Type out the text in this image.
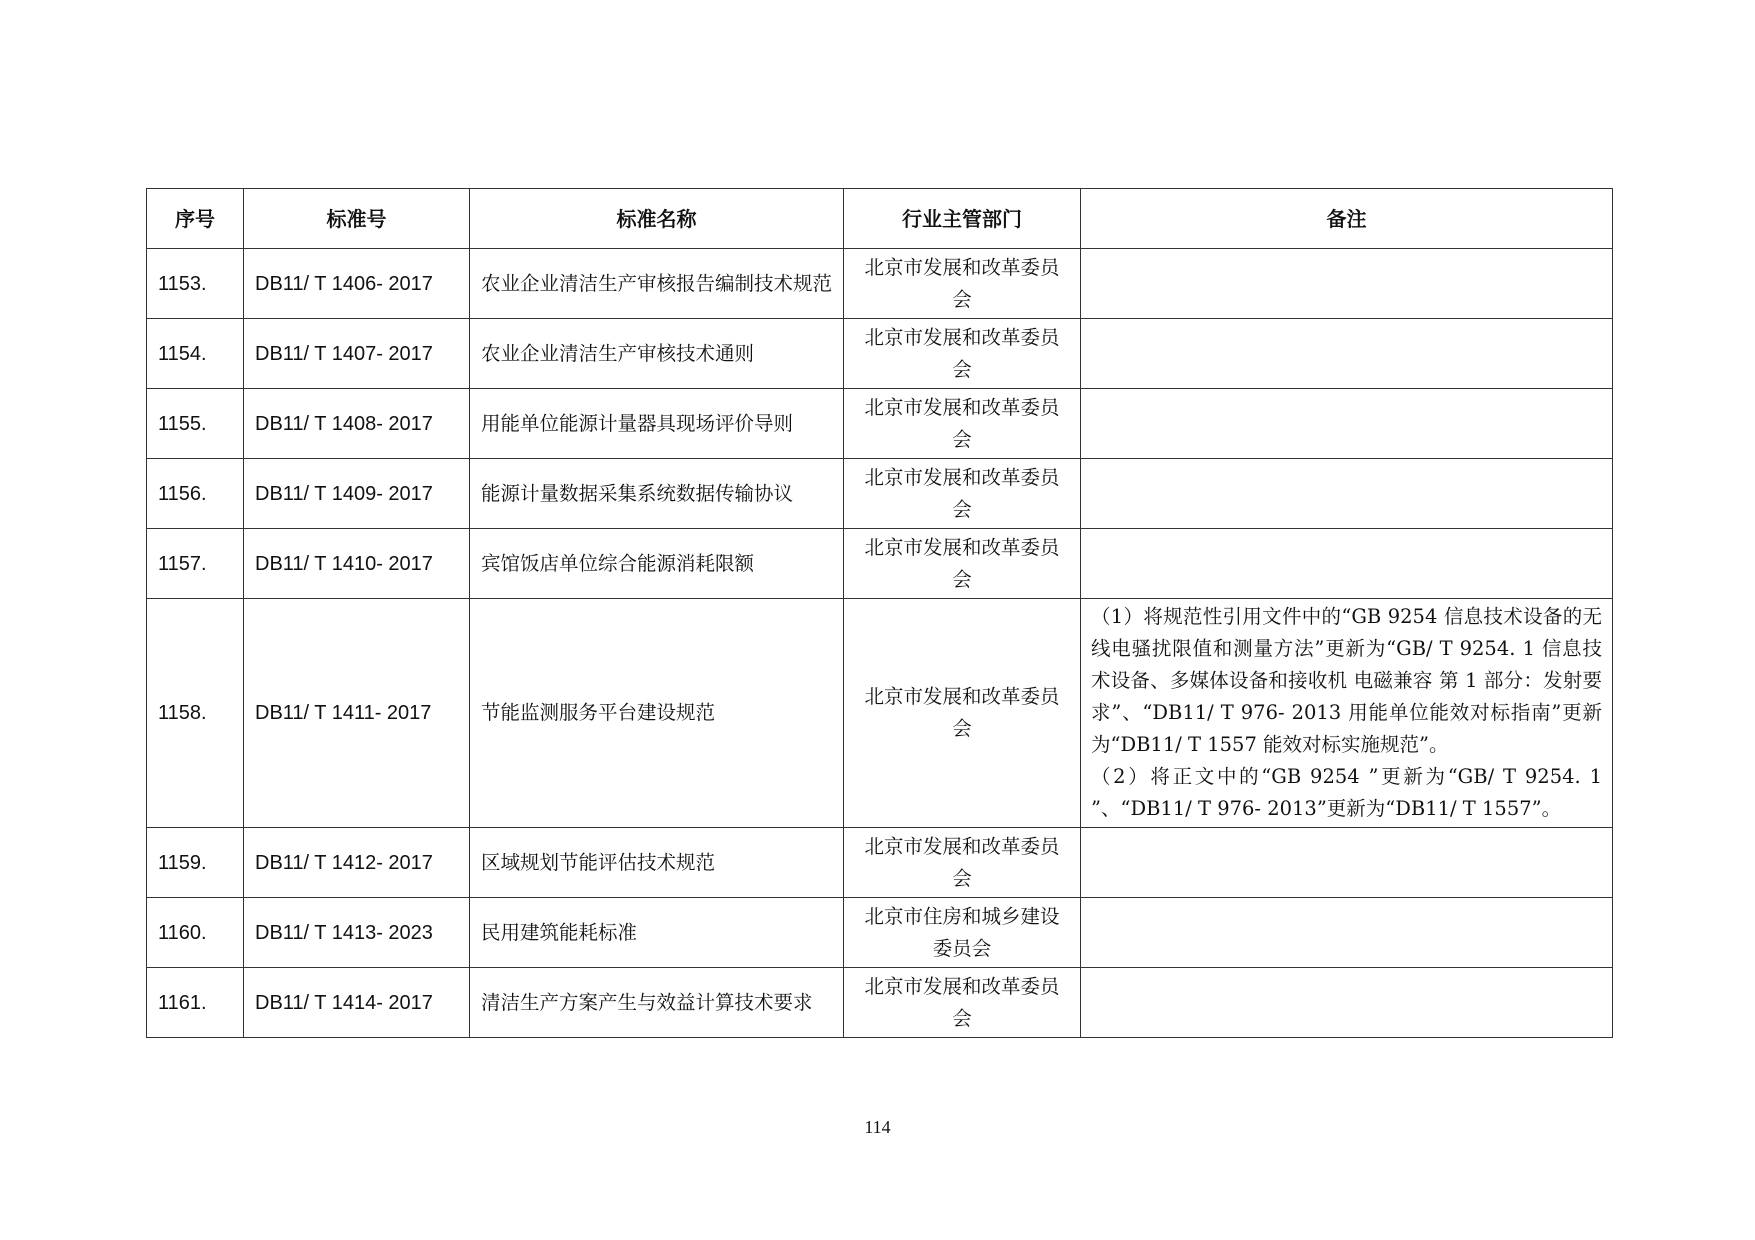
序号	标准号	标准名称	行业主管部门	备注
1153.	DB11/ T 1406- 2017	农业企业清洁生产审核报告编制技术规范	北京市发展和改革委员会	
1154.	DB11/ T 1407- 2017	农业企业清洁生产审核技术通则	北京市发展和改革委员会	
1155.	DB11/ T 1408- 2017	用能单位能源计量器具现场评价导则	北京市发展和改革委员会	
1156.	DB11/ T 1409- 2017	能源计量数据采集系统数据传输协议	北京市发展和改革委员会	
1157.	DB11/ T 1410- 2017	宾馆饭店单位综合能源消耗限额	北京市发展和改革委员会	
1158.	DB11/ T 1411- 2017	节能监测服务平台建设规范	北京市发展和改革委员会	（1）将规范性引用文件中的“GB 9254 信息技术设备的无线电骚扰限值和测量方法”更新为“GB/ T 9254. 1 信息技术设备、多媒体设备和接收机 电磁兼容 第 1 部分：发射要求”、“DB11/ T 976- 2013 用能单位能效对标指南”更新为“DB11/ T 1557 能效对标实施规范”。
（2）将正文中的“GB 9254 ”更新为“GB/ T 9254. 1 ”、“DB11/ T 976- 2013”更新为“DB11/ T 1557”。
1159.	DB11/ T 1412- 2017	区域规划节能评估技术规范	北京市发展和改革委员会	
1160.	DB11/ T 1413- 2023	民用建筑能耗标准	北京市住房和城乡建设委员会	
1161.	DB11/ T 1414- 2017	清洁生产方案产生与效益计算技术要求	北京市发展和改革委员会	
114
